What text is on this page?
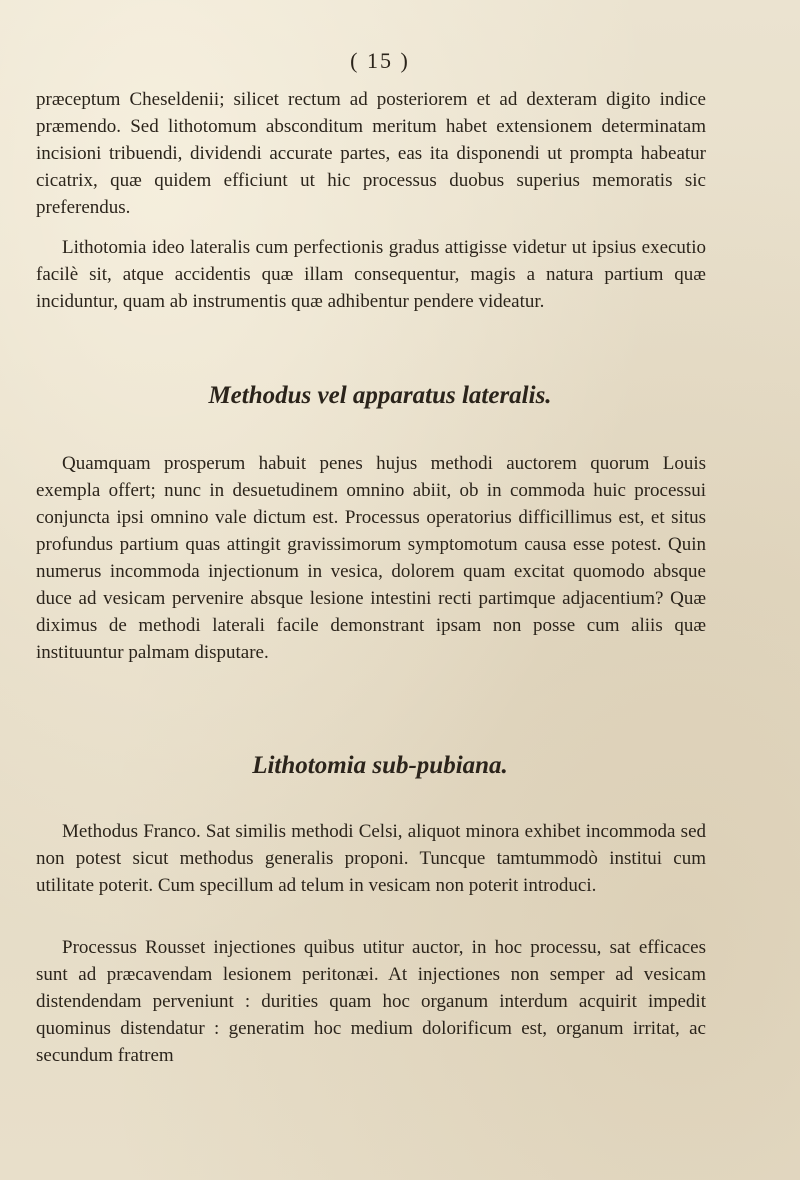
( 15 )

præceptum Cheseldenii; silicet rectum ad posteriorem et ad dexteram digito indice præmendo. Sed lithotomum absconditum meritum habet extensionem determinatam incisioni tribuendi, dividendi accurate partes, eas ita disponendi ut prompta habeatur cicatrix, quæ quidem efficiunt ut hic processus duobus superius memoratis sic preferendus.

Lithotomia ideo lateralis cum perfectionis gradus attigisse videtur ut ipsius executio facilè sit, atque accidentis quæ illam consequentur, magis a natura partium quæ inciduntur, quam ab instrumentis quæ adhibentur pendere videatur.

Methodus vel apparatus lateralis.

Quamquam prosperum habuit penes hujus methodi auctorem quorum Louis exempla offert; nunc in desuetudinem omnino abiit, ob in commoda huic processui conjuncta ipsi omnino vale dictum est. Processus operatorius difficillimus est, et situs profundus partium quas attingit gravissimorum symptomotum causa esse potest. Quin numerus incommoda injectionum in vesica, dolorem quam excitat quomodo absque duce ad vesicam pervenire absque lesione intestini recti partimque adjacentium? Quæ diximus de methodi laterali facile demonstrant ipsam non posse cum aliis quæ instituuntur palmam disputare.

Lithotomia sub-pubiana.

Methodus Franco. Sat similis methodi Celsi, aliquot minora exhibet incommoda sed non potest sicut methodus generalis proponi. Tuncque tamtummodò institui cum utilitate poterit. Cum specillum ad telum in vesicam non poterit introduci.

Processus Rousset injectiones quibus utitur auctor, in hoc processu, sat efficaces sunt ad præcavendam lesionem peritonæi. At injectiones non semper ad vesicam distendendam perveniunt : durities quam hoc organum interdum acquirit impedit quominus distendatur : generatim hoc medium dolorificum est, organum irritat, ac secundum fratrem
